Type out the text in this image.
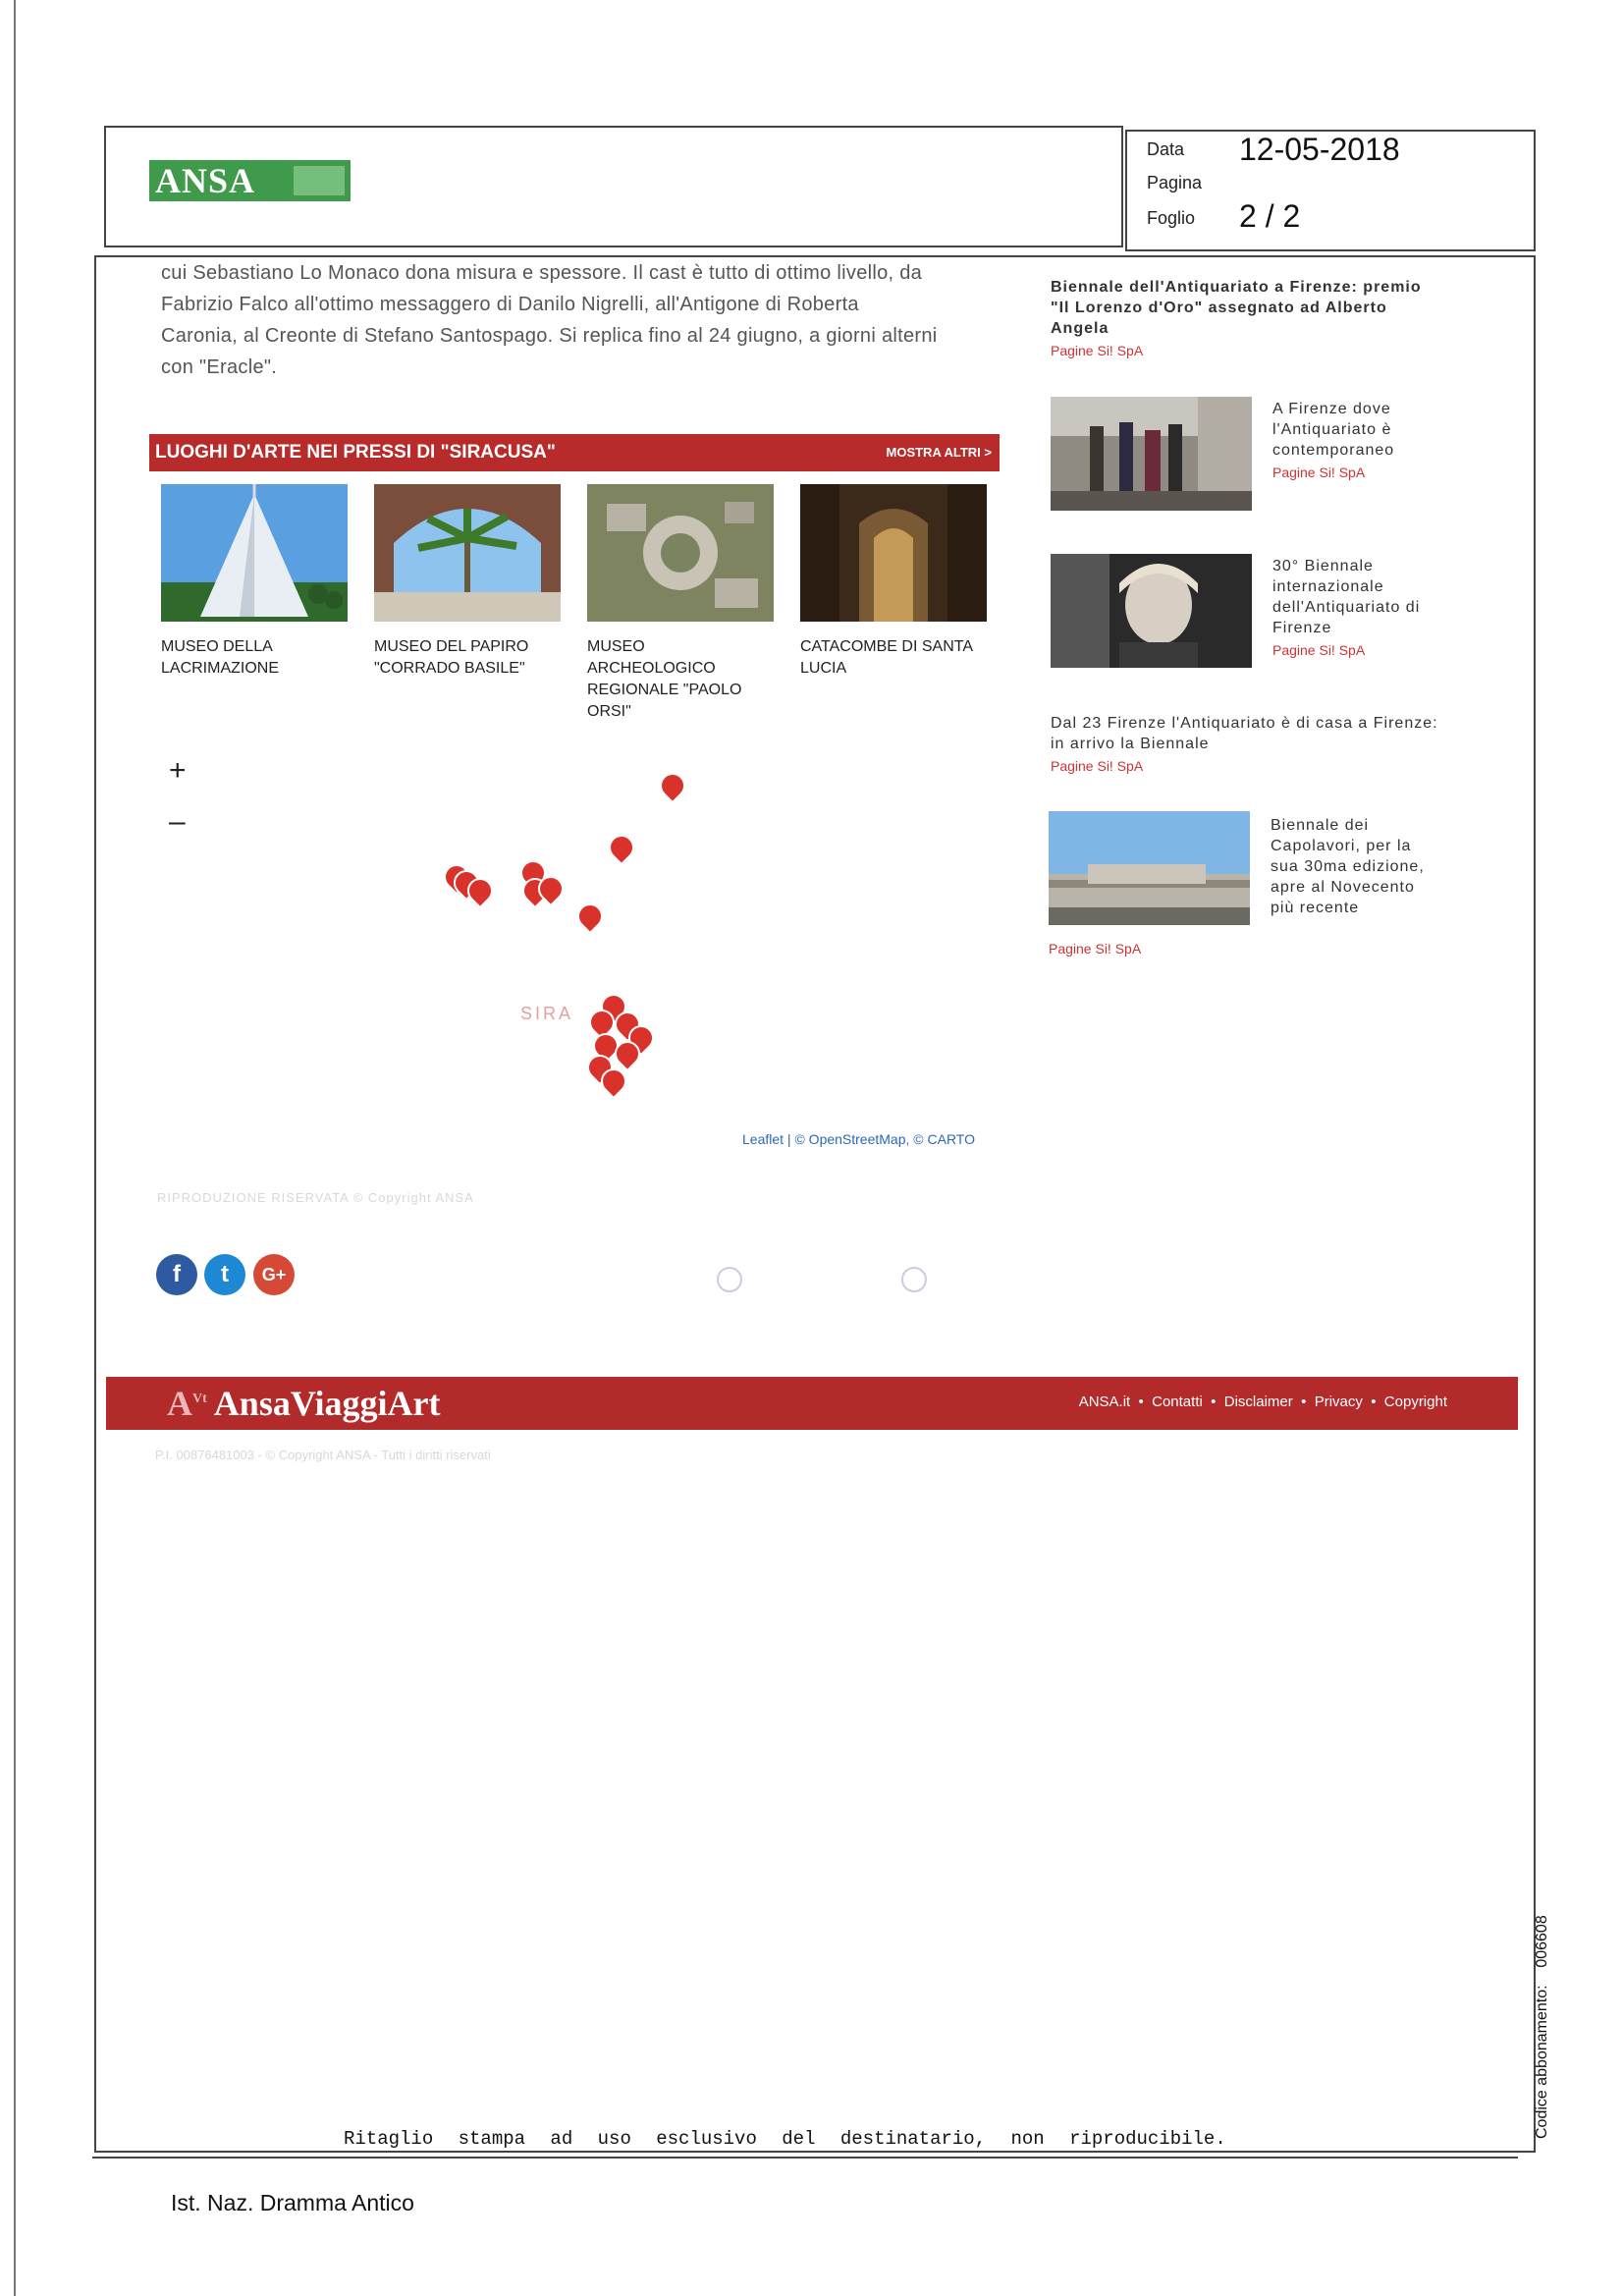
ANSA
Data 12-05-2018
Pagina
Foglio 2 / 2
cui Sebastiano Lo Monaco dona misura e spessore. Il cast è tutto di ottimo livello, da
Fabrizio Falco all'ottimo messaggero di Danilo Nigrelli, all'Antigone di Roberta
Caronia, al Creonte di Stefano Santospago. Si replica fino al 24 giugno, a giorni alterni
con "Eracle".
LUOGHI D'ARTE NEI PRESSI DI "SIRACUSA"	MOSTRA ALTRI >
MUSEO DELLA LACRIMAZIONE
MUSEO DEL PAPIRO "CORRADO BASILE"
MUSEO ARCHEOLOGICO REGIONALE "PAOLO ORSI"
CATACOMBE DI SANTA LUCIA
+
–
SIRA
Leaflet | © OpenStreetMap, © CARTO
RIPRODUZIONE RISERVATA © Copyright ANSA
f	t	G+
Biennale dell'Antiquariato a Firenze: premio "Il Lorenzo d'Oro" assegnato ad Alberto Angela
Pagine Si! SpA
A Firenze dove l'Antiquariato è contemporaneo
Pagine Si! SpA
30° Biennale internazionale dell'Antiquariato di Firenze
Pagine Si! SpA
Dal 23 Firenze l'Antiquariato è di casa a Firenze: in arrivo la Biennale
Pagine Si! SpA
Biennale dei Capolavori, per la sua 30ma edizione, apre al Novecento più recente
Pagine Si! SpA
$A^{Vt}$ AnsaViaggiArt	ANSA.it  •  Contatti  •  Disclaimer  •  Privacy  •  Copyright
P.I. 00876481003 - © Copyright ANSA - Tutti i diritti riservati
Ritaglio stampa ad uso esclusivo del destinatario, non riproducibile.
Ist. Naz. Dramma Antico
Codice abbonamento:    006608
